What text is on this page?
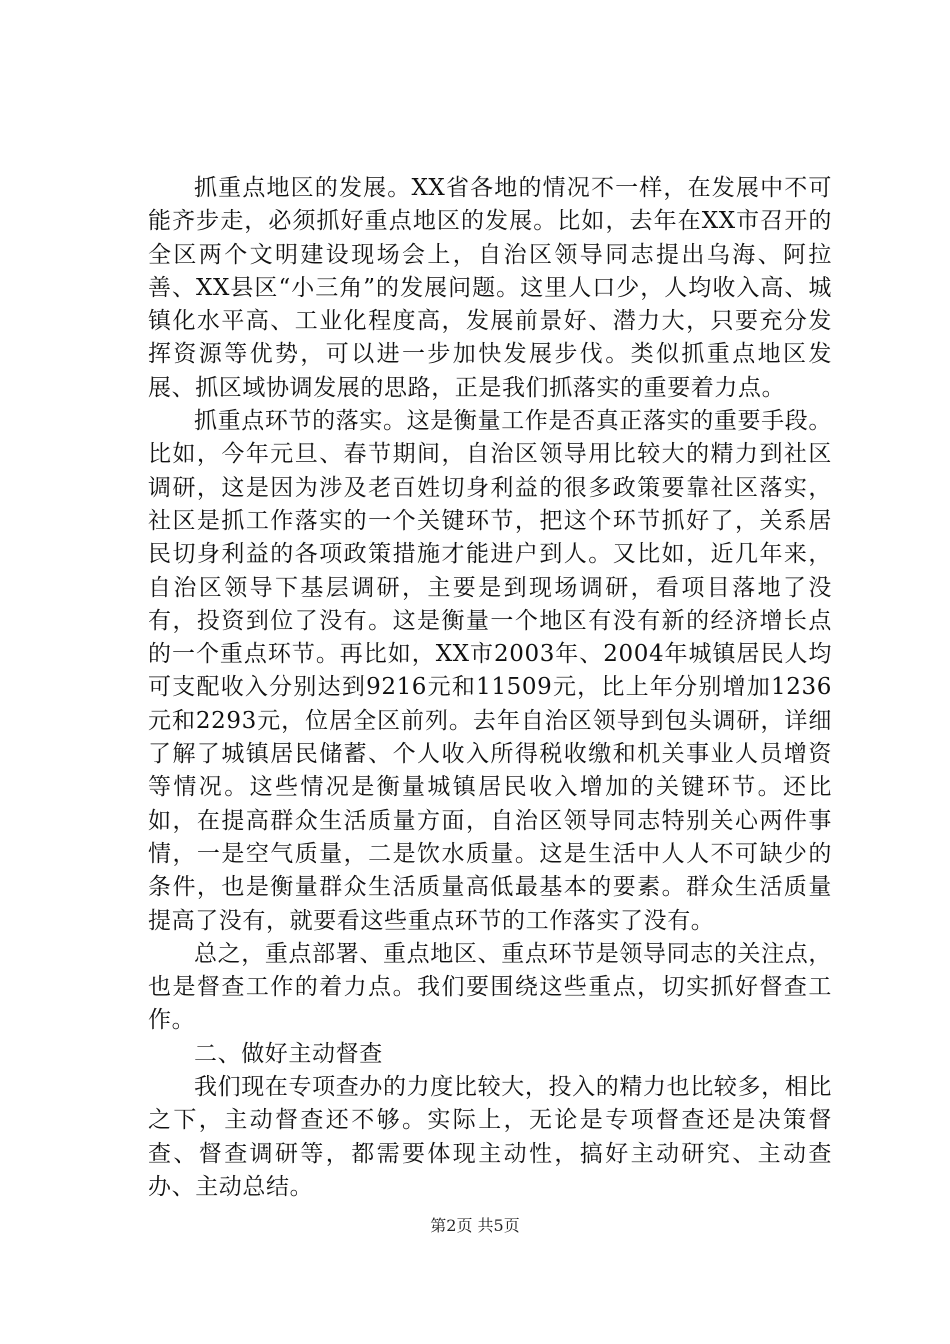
抓重点地区的发展。XX省各地的情况不一样，在发展中不可能齐步走，必须抓好重点地区的发展。比如，去年在XX市召开的全区两个文明建设现场会上，自治区领导同志提出乌海、阿拉善、XX县区“小三角”的发展问题。这里人口少，人均收入高、城镇化水平高、工业化程度高，发展前景好、潜力大，只要充分发挥资源等优势，可以进一步加快发展步伐。类似抓重点地区发展、抓区域协调发展的思路，正是我们抓落实的重要着力点。

抓重点环节的落实。这是衡量工作是否真正落实的重要手段。比如，今年元旦、春节期间，自治区领导用比较大的精力到社区调研，这是因为涉及老百姓切身利益的很多政策要靠社区落实，社区是抓工作落实的一个关键环节，把这个环节抓好了，关系居民切身利益的各项政策措施才能进户到人。又比如，近几年来，自治区领导下基层调研，主要是到现场调研，看项目落地了没有，投资到位了没有。这是衡量一个地区有没有新的经济增长点的一个重点环节。再比如，XX市2003年、2004年城镇居民人均可支配收入分别达到9216元和11509元，比上年分别增加1236元和2293元，位居全区前列。去年自治区领导到包头调研，详细了解了城镇居民储蓄、个人收入所得税收缴和机关事业人员增资等情况。这些情况是衡量城镇居民收入增加的关键环节。还比如，在提高群众生活质量方面，自治区领导同志特别关心两件事情，一是空气质量，二是饮水质量。这是生活中人人不可缺少的条件，也是衡量群众生活质量高低最基本的要素。群众生活质量提高了没有，就要看这些重点环节的工作落实了没有。

总之，重点部署、重点地区、重点环节是领导同志的关注点，也是督查工作的着力点。我们要围绕这些重点，切实抓好督查工作。

二、做好主动督查

我们现在专项查办的力度比较大，投入的精力也比较多，相比之下，主动督查还不够。实际上，无论是专项督查还是决策督查、督查调研等，都需要体现主动性，搞好主动研究、主动查办、主动总结。

第2页 共5页
